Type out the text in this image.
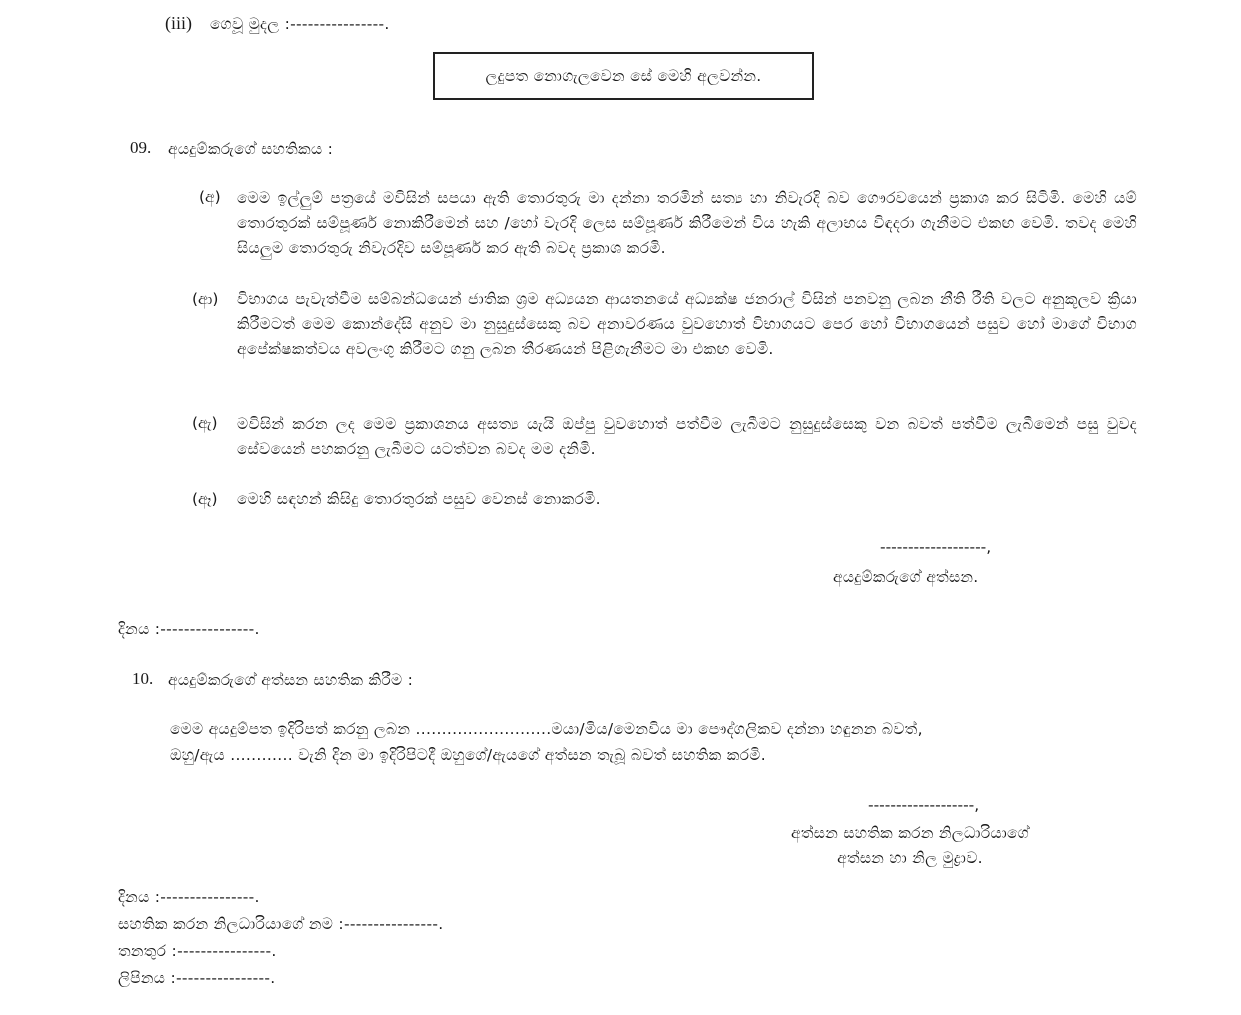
(iii) ගෙවූ මුදල :----------------.
ලදුපත නොගැලවෙන සේ මෙහි අලවන්න.
09. අයදුම්කරුගේ සහතිකය :
(අ) මෙම ඉල්ලුම් පත්‍රයේ මවිසින් සපයා ඇති තොරතුරු මා දන්නා තරමින් සත්‍ය හා නිවැරදි බව ගෞරවයෙන් ප්‍රකාශ කර සිටිමි. මෙහි යම් තොරතුරක් සම්පූර්ණ නොකිරීමෙන් සහ /හෝ වැරදි ලෙස සම්පූර්ණ කිරීමෙන් විය හැකි අලාභය විඳදරා ගැනීමට එකඟ වෙමි. තවද මෙහි සියලුම තොරතුරු නිවැරදිව සම්පූර්ණ කර ඇති බවද ප්‍රකාශ කරමි.
(ආ) විභාගය පැවැත්වීම සම්බන්ධයෙන් ජාතික ශ්‍රම අධ්‍යයන ආයතනයේ අධ්‍යක්ෂ ජනරාල් විසින් පනවනු ලබන නීති රීති වලට අනුකූලව ක්‍රියා කිරීමටත් මෙම කොන්දේසි අනුව මා නුසුදුස්සෙකු බව අනාවරණය වුවහොත් විභාගයට පෙර හෝ විභාගයෙන් පසුව හෝ මාගේ විභාග අපේක්ෂකත්වය අවලංගු කිරීමට ගනු ලබන තීරණයන් පිළිගැනීමට මා එකඟ වෙමි.
(ඇ) මවිසින් කරන ලද මෙම ප්‍රකාශනය අසත්‍ය යැයි ඔප්පු වුවහොත් පත්වීම ලැබීමට නුසුදුස්සෙකු වන බවත් පත්වීම ලැබීමෙන් පසු වුවද සේවයෙන් පහකරනු ලැබීමට යටත්වන බවද මම දනිමි.
(ඈ) මෙහි සඳහන් කිසිදු තොරතුරක් පසුව වෙනස් නොකරමි.
-------------------,
අයදුම්කරුගේ අත්සන.
දිනය :----------------.
10. අයදුම්කරුගේ අත්සන සහතික කිරීම :
මෙම අයදුම්පත ඉදිරිපත් කරනු ලබන ..........................මයා/මිය/මෙනවිය මා පෞද්ගලිකව දන්නා හඳුනන බවත්,
ඔහු/ඇය ............ වැනි දින මා ඉදිරිපිටදී ඔහුගේ/ඇයගේ අත්සන තැබූ බවත් සහතික කරමි.
-------------------,
අත්සන සහතික කරන නිලධාරියාගේ
අත්සන හා නිල මුද්‍රාව.
දිනය :----------------.
සහතික කරන නිලධාරියාගේ නම :----------------.
තනතුර :----------------.
ලිපිනය :----------------.
